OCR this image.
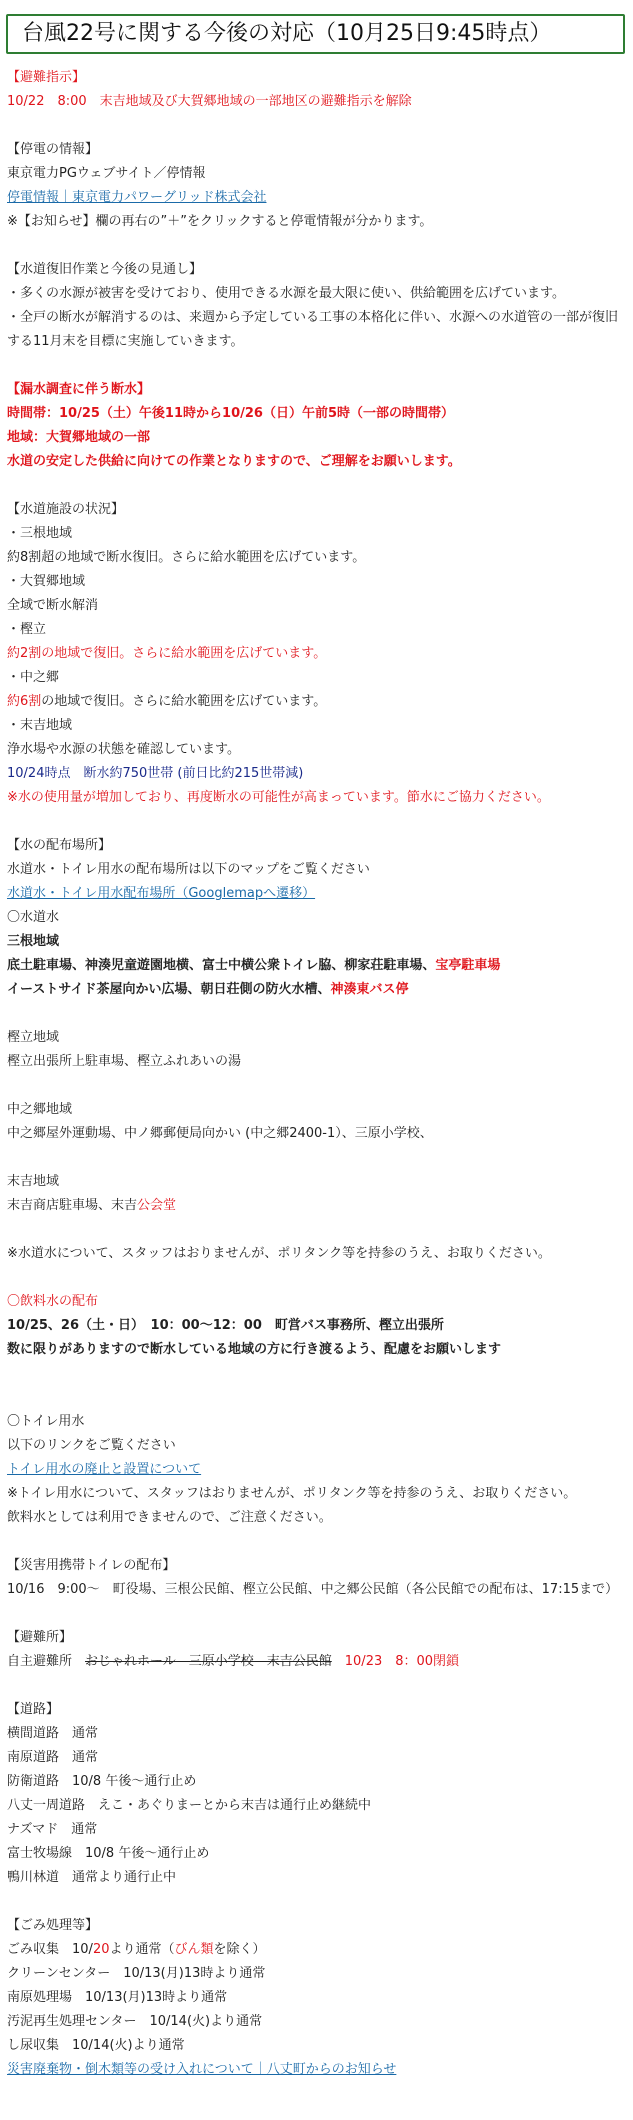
台風22号に関する今後の対応（10月25日9:45時点）
【避難指示】
10/22　8:00　末吉地域及び大賀郷地域の一部地区の避難指示を解除
【停電の情報】
東京電力PGウェブサイト／停情報
停電情報｜東京電力パワーグリッド株式会社
※【お知らせ】欄の再右の”＋”をクリックすると停電情報が分かります。
【水道復旧作業と今後の見通し】
・多くの水源が被害を受けており、使用できる水源を最大限に使い、供給範囲を広げています。
・全戸の断水が解消するのは、来週から予定している工事の本格化に伴い、水源への水道管の一部が復旧する11月末を目標に実施していきます。
【漏水調査に伴う断水】
時間帯：10/25（土）午後11時から10/26（日）午前5時（一部の時間帯）
地域：大賀郷地域の一部
水道の安定した供給に向けての作業となりますので、ご理解をお願いします。
【水道施設の状況】
・三根地域
約8割超の地域で断水復旧。さらに給水範囲を広げています。
・大賀郷地域
全域で断水解消
・樫立
約2割の地域で復旧。さらに給水範囲を広げています。
・中之郷
約6割の地域で復旧。さらに給水範囲を広げています。
・末吉地域
浄水場や水源の状態を確認しています。
10/24時点　断水約750世帯 (前日比約215世帯減)
※水の使用量が増加しており、再度断水の可能性が高まっています。節水にご協力ください。
【水の配布場所】
水道水・トイレ用水の配布場所は以下のマップをご覧ください
水道水・トイレ用水配布場所（Googlemapへ遷移）
〇水道水
三根地域
底土駐車場、神湊児童遊園地横、富士中横公衆トイレ脇、柳家荘駐車場、宝亭駐車場
イーストサイド茶屋向かい広場、朝日荘側の防火水槽、神湊東バス停
樫立地域
樫立出張所上駐車場、樫立ふれあいの湯
中之郷地域
中之郷屋外運動場、中ノ郷郵便局向かい (中之郷2400-1）、三原小学校、
末吉地域
末吉商店駐車場、末吉公会堂
※水道水について、スタッフはおりませんが、ポリタンク等を持参のうえ、お取りください。
〇飲料水の配布
10/25、26（土・日）　10：00〜12：00　町営バス事務所、樫立出張所
数に限りがありますので断水している地域の方に行き渡るよう、配慮をお願いします
〇トイレ用水
以下のリンクをご覧ください
トイレ用水の廃止と設置について
※トイレ用水について、スタッフはおりませんが、ポリタンク等を持参のうえ、お取りください。
飲料水としては利用できませんので、ご注意ください。
【災害用携帯トイレの配布】
10/16　9:00〜　町役場、三根公民館、樫立公民館、中之郷公民館（各公民館での配布は、17:15まで）
【避難所】
自主避難所　おじゃれホール　三原小学校　末吉公民館　10/23　8：00閉鎖
【道路】
横間道路　通常
南原道路　通常
防衛道路　10/8 午後〜通行止め
八丈一周道路　えこ・あぐりまーとから末吉は通行止め継続中
ナズマド　通常
富士牧場線　10/8 午後〜通行止め
鴨川林道　通常より通行止中
【ごみ処理等】
ごみ収集　10/20より通常（びん類を除く）
クリーンセンター　10/13(月)13時より通常
南原処理場　10/13(月)13時より通常
汚泥再生処理センター　10/14(火)より通常
し尿収集　10/14(火)より通常
災害廃棄物・倒木類等の受け入れについて｜八丈町からのお知らせ
